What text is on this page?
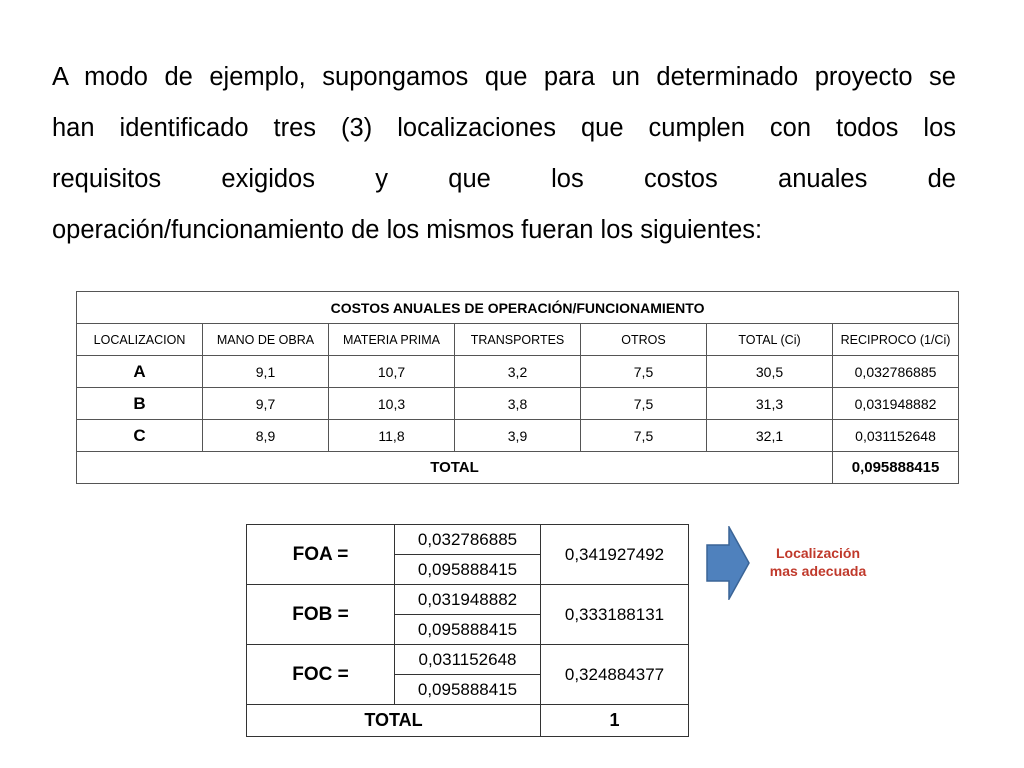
A modo de ejemplo, supongamos que para un determinado proyecto se
han identificado tres (3) localizaciones que cumplen con todos los
requisitos exigidos y que los costos anuales de
operación/funcionamiento de los mismos fueran los siguientes:

COSTOS ANUALES DE OPERACIÓN/FUNCIONAMIENTO						
LOCALIZACION	MANO DE OBRA	MATERIA PRIMA	TRANSPORTES	OTROS	TOTAL (Ci)	RECIPROCO (1/Ci)
A	9,1	10,7	3,2	7,5	30,5	0,032786885
B	9,7	10,3	3,8	7,5	31,3	0,031948882
C	8,9	11,8	3,9	7,5	32,1	0,031152648
TOTAL						0,095888415
FOA =	0,032786885	0,341927492
	0,095888415	
FOB =	0,031948882	0,333188131
	0,095888415	
FOC =	0,031152648	0,324884377
	0,095888415	
TOTAL		1
Localización
mas adecuada
